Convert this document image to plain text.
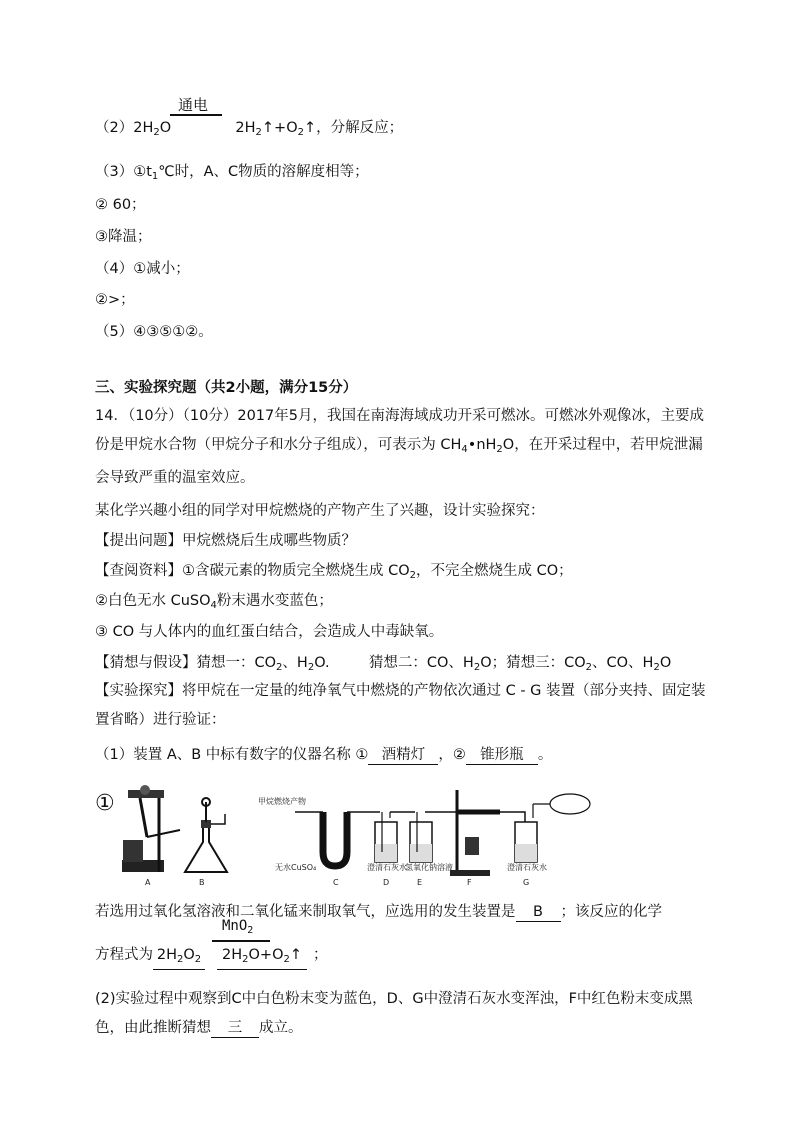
$(2)2H_2O$	$2H_2↑+O_2↑$，分解反应；
通电
$(3)①t_1℃$时，A、C物质的溶解度相等；
② 60；
③降温；
（4）①减小；
②>；
（5）④③⑤①②。
三、实验探究题（共2小题，满分15分）
14．（10分）（10分）2017年5月，我国在南海海域成功开采可燃冰。可燃冰外观像冰，主要成份是甲烷水合物（甲烷分子和水分子组成），可表示为 $CH_4•nH_2O$，在开采过程中，若甲烷泄漏会导致严重的温室效应。
某化学兴趣小组的同学对甲烷燃烧的产物产生了兴趣，设计实验探究：
【提出问题】甲烷燃烧后生成哪些物质？
【查阅资料】①含碳元素的物质完全燃烧生成 $CO_2$，不完全燃烧生成 CO；
②白色无水 CuSO$_4$粉末遇水变蓝色；
③ CO 与人体内的血红蛋白结合，会造成人中毒缺氧。
【猜想与假设】猜想一：$CO_2$、$H_2O$.	猜想二：CO、$H_2O$；猜想三：$CO_2$、CO、$H_2O$
【实验探究】将甲烷在一定量的纯净氧气中燃烧的产物依次通过 C - G 装置（部分夹持、固定装置省略）进行验证：
（1）装置 A、B 中标有数字的仪器名称 ① 酒精灯 ，② 锥形瓶 。
①
A	B
甲烷燃烧产物
无水CuSO₄	澄清石灰水
氢氧化钠溶液	澄清石灰水
C	D	E	F	G
若选用过氧化氢溶液和二氧化锰来制取氧气，应选用的发生装置是 B ；该反应的化学
MnO$_2$
方程式为 $2H_2O_2$ $2H_2O+O_2↑$ ；
(2)实验过程中观察到C中白色粉末变为蓝色，D、G中澄清石灰水变浑浊，F中红色粉末变成黑色，由此推断猜想 三 成立。
